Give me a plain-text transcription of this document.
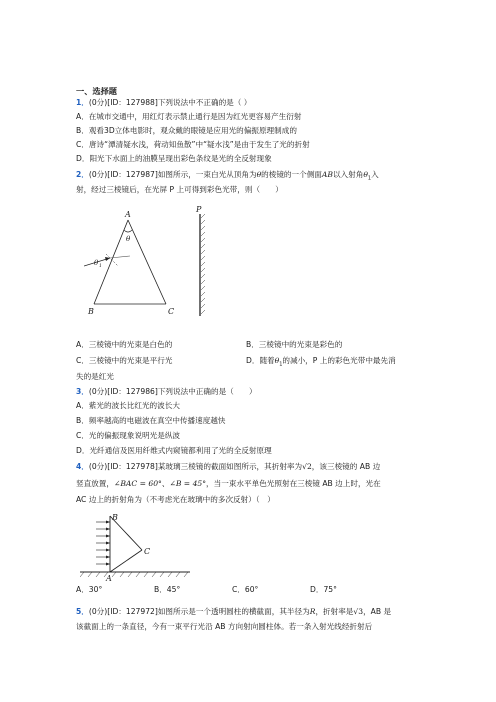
一、选择题
1．(0分)[ID：127988]下列说法中不正确的是（ ）
A．在城市交通中，用红灯表示禁止通行是因为红光更容易产生衍射
B．观看3D立体电影时，观众戴的眼镜是应用光的偏振原理制成的
C．唐诗“潭清疑水浅，荷动知鱼散”中“疑水浅”是由于发生了光的折射
D．阳光下水面上的油膜呈现出彩色条纹是光的全反射现象
2．(0分)[ID：127987]如图所示，一束白光从顶角为θ的棱镜的一个侧面AB以入射角$\theta_1$入
射，经过三棱镜后，在光屏 P 上可得到彩色光带，则（　　）
A
θ
θ 1
B	C
P
A．三棱镜中的光束是白色的	B．三棱镜中的光束是彩色的
C．三棱镜中的光束是平行光	D．随着$\theta_1$的减小，P 上的彩色光带中最先消
失的是红光
3．(0分)[ID：127986]下列说法中正确的是（　　）
A．紫光的波长比红光的波长大
B．频率越高的电磁波在真空中传播速度越快
C．光的偏振现象说明光是纵波
D．光纤通信及医用纤维式内窥镜都利用了光的全反射原理
4．(0分)[ID：127978]某玻璃三棱镜的截面如图所示，其折射率为√2，该三棱镜的 AB 边
竖直放置，∠BAC = 60°、∠B = 45°，当一束水平单色光照射在三棱镜 AB 边上时，光在
AC 边上的折射角为（不考虑光在玻璃中的多次反射）（　）
B
C
A
A．30°	B．45°	C．60°	D．75°
5．(0分)[ID：127972]如图所示是一个透明圆柱的横截面，其半径为R，折射率是√3，AB 是
该截面上的一条直径，今有一束平行光沿 AB 方向射向圆柱体。若一条入射光线经折射后
